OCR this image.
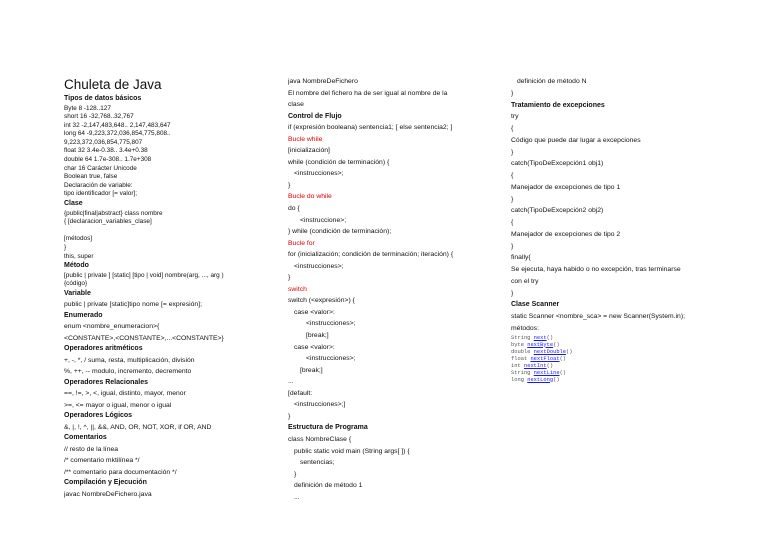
Chuleta de Java
Tipos de datos básicos
Byte 8 -128..127
short 16 -32,768..32,767
int 32 -2,147,483,648.. 2,147,483,647
long 64 -9,223,372,036,854,775,808..
9,223,372,036,854,775,807
float 32 3.4e-0.38.. 3.4e+0.38
double 64 1.7e-308.. 1.7e+308
char 16 Carácter Unicode
Boolean true, false
Declaración de variable:
tipo identificador [= valor];
Clase
{public|final|abstract} class nombre
{ [declaracion_variables_clase]
[métodos]
}
this, super
Método
[public | private ] [static] [tipo | void] nombre(arg, ..., arg )
{código}
Variable
public | private [static]tipo nome [= expresión];
Enumerado
enum <nombre_enumeracion>{
<CONSTANTE>,<CONSTANTE>,...<CONSTANTE>}
Operadores aritméticos
+, -, *, / suma, resta, multiplicación, división
%, ++, -- modulo, incremento, decremento
Operadores Relacionales
==, !=, >, <, igual, distinto, mayor, menor
>=, <= mayor o igual, menor o igual
Operadores Lógicos
&, |, !, ^, ||, &&, AND, OR, NOT, XOR, if OR, AND
Comentarios
// resto de la línea
/* comentario mktilínea */
/** comentario para documentación */
Compilación y Ejecución
javac NombreDeFichero.java
java NombreDeFichero
El nombre del fichero ha de ser igual al nombre de la
clase
Control de Flujo
if (expresión booleana) sentencia1; [ else sentencia2; ]
Bucle while
[inicialización]
while (condición de terminación) {
<instrucciones>;
}
Bucle do while
do {
<instruccione>;
} while (condición de terminación);
Bucle for
for (inicialización; condición de terminación; iteración) {
<instrucciones>;
}
switch
switch (<expresión>) {
case <valor>:
<instrucciones>;
[break;]
case <valor>:
<instrucciones>;
[break;]
...
[default:
<instrucciones>;]
}
Estructura de Programa
class NombreClase {
public static void main (String args[ ]) {
sentencias;
}
definición de método 1
...
definición de método N
}
Tratamiento de excepciones
try
{
Código que puede dar lugar a excepciones
}
catch(TipoDeExcepción1 obj1)
{
Manejador de excepciones de tipo 1
}
catch(TipoDeExcepción2 obj2)
{
Manejador de excepciones de tipo 2
}
finally{
Se ejecuta, haya habido o no excepción, tras terminarse
con el try
}
Clase Scanner
static Scanner <nombre_sca> = new Scanner(System.in);
métodos:
String next()
byte nextByte()
double nextDouble()
float nextFloat()
int nextInt()
String nextLine()
long nextLong()
